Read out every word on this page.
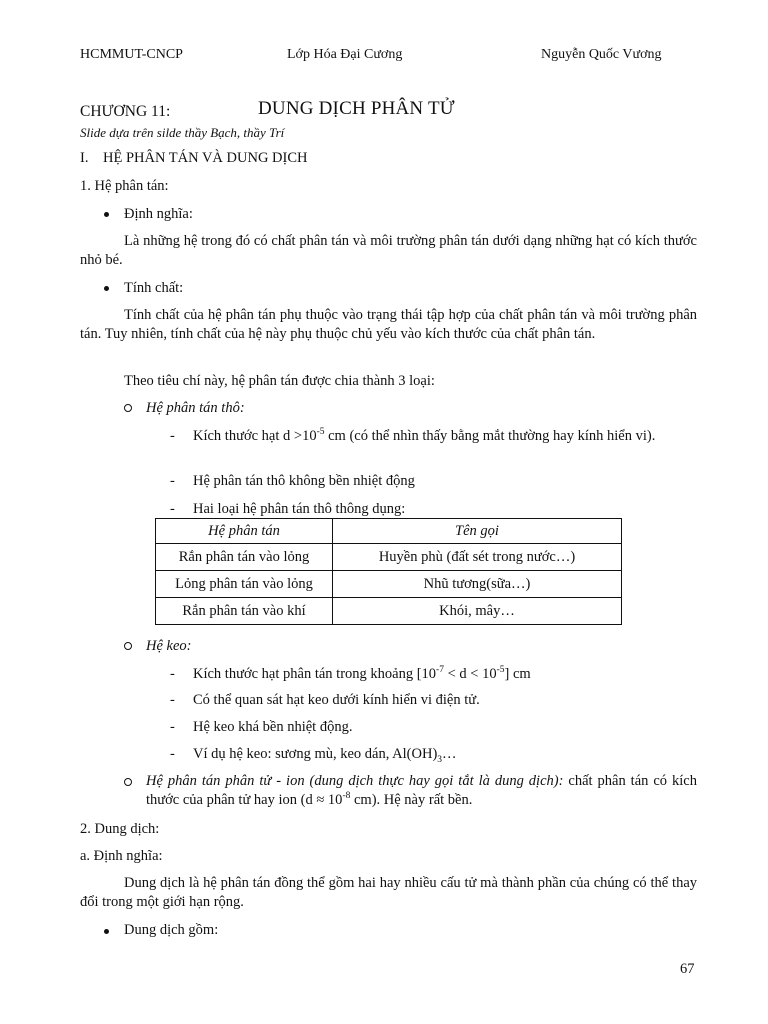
HCMMUT-CNCP	Lớp Hóa Đại Cương	Nguyễn Quốc Vương
CHƯƠNG 11:	DUNG DỊCH PHÂN TỬ
Slide dựa trên silde thầy Bạch, thầy Trí
I. HỆ PHÂN TÁN VÀ DUNG DỊCH
1. Hệ phân tán:
Định nghĩa:
Là những hệ trong đó có chất phân tán và môi trường phân tán dưới dạng những hạt có kích thước nhỏ bé.
Tính chất:
Tính chất của hệ phân tán phụ thuộc vào trạng thái tập hợp của chất phân tán và môi trường phân tán. Tuy nhiên, tính chất của hệ này phụ thuộc chủ yếu vào kích thước của chất phân tán.
Theo tiêu chí này, hệ phân tán được chia thành 3 loại:
Hệ phân tán thô:
- Kích thước hạt $d >10^{-5}$ cm (có thể nhìn thấy bằng mắt thường hay kính hiển vi).
- Hệ phân tán thô không bền nhiệt động
- Hai loại hệ phân tán thô thông dụng:
Hệ phân tán	Tên gọi
Rắn phân tán vào lỏng	Huyền phù (đất sét trong nước…)
Lỏng phân tán vào lỏng	Nhũ tương(sữa…)
Rắn phân tán vào khí	Khói, mây…
Hệ keo:
- Kích thước hạt phân tán trong khoảng $[10^{-7} < d < 10^{-5}]$ cm
- Có thể quan sát hạt keo dưới kính hiển vi điện tử.
- Hệ keo khá bền nhiệt động.
- Ví dụ hệ keo: sương mù, keo dán, $Al(OH)_3\dots$
Hệ phân tán phân tử - ion (dung dịch thực hay gọi tắt là dung dịch): chất phân tán có kích thước của phân tử hay ion ($d \approx 10^{-8}$ cm). Hệ này rất bền.
2. Dung dịch:
a. Định nghĩa:
Dung dịch là hệ phân tán đồng thể gồm hai hay nhiều cấu tử mà thành phần của chúng có thể thay đổi trong một giới hạn rộng.
Dung dịch gồm:
67
